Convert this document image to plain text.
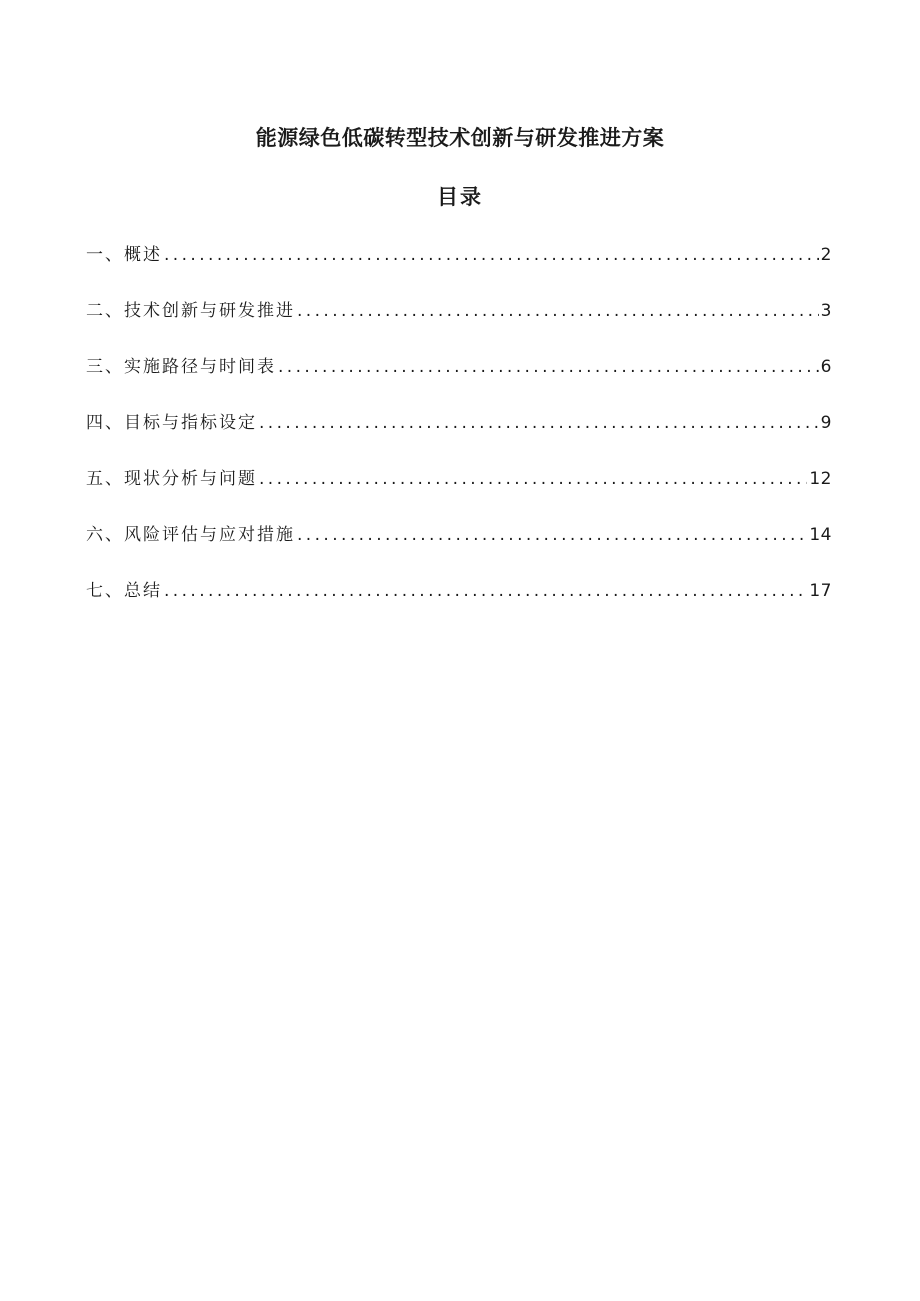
能源绿色低碳转型技术创新与研发推进方案
目录
一、概述 .....	2
二、技术创新与研发推进 .....	3
三、实施路径与时间表 .....	6
四、目标与指标设定 .....	9
五、现状分析与问题 .....	12
六、风险评估与应对措施 .....	14
七、总结 .....	17
